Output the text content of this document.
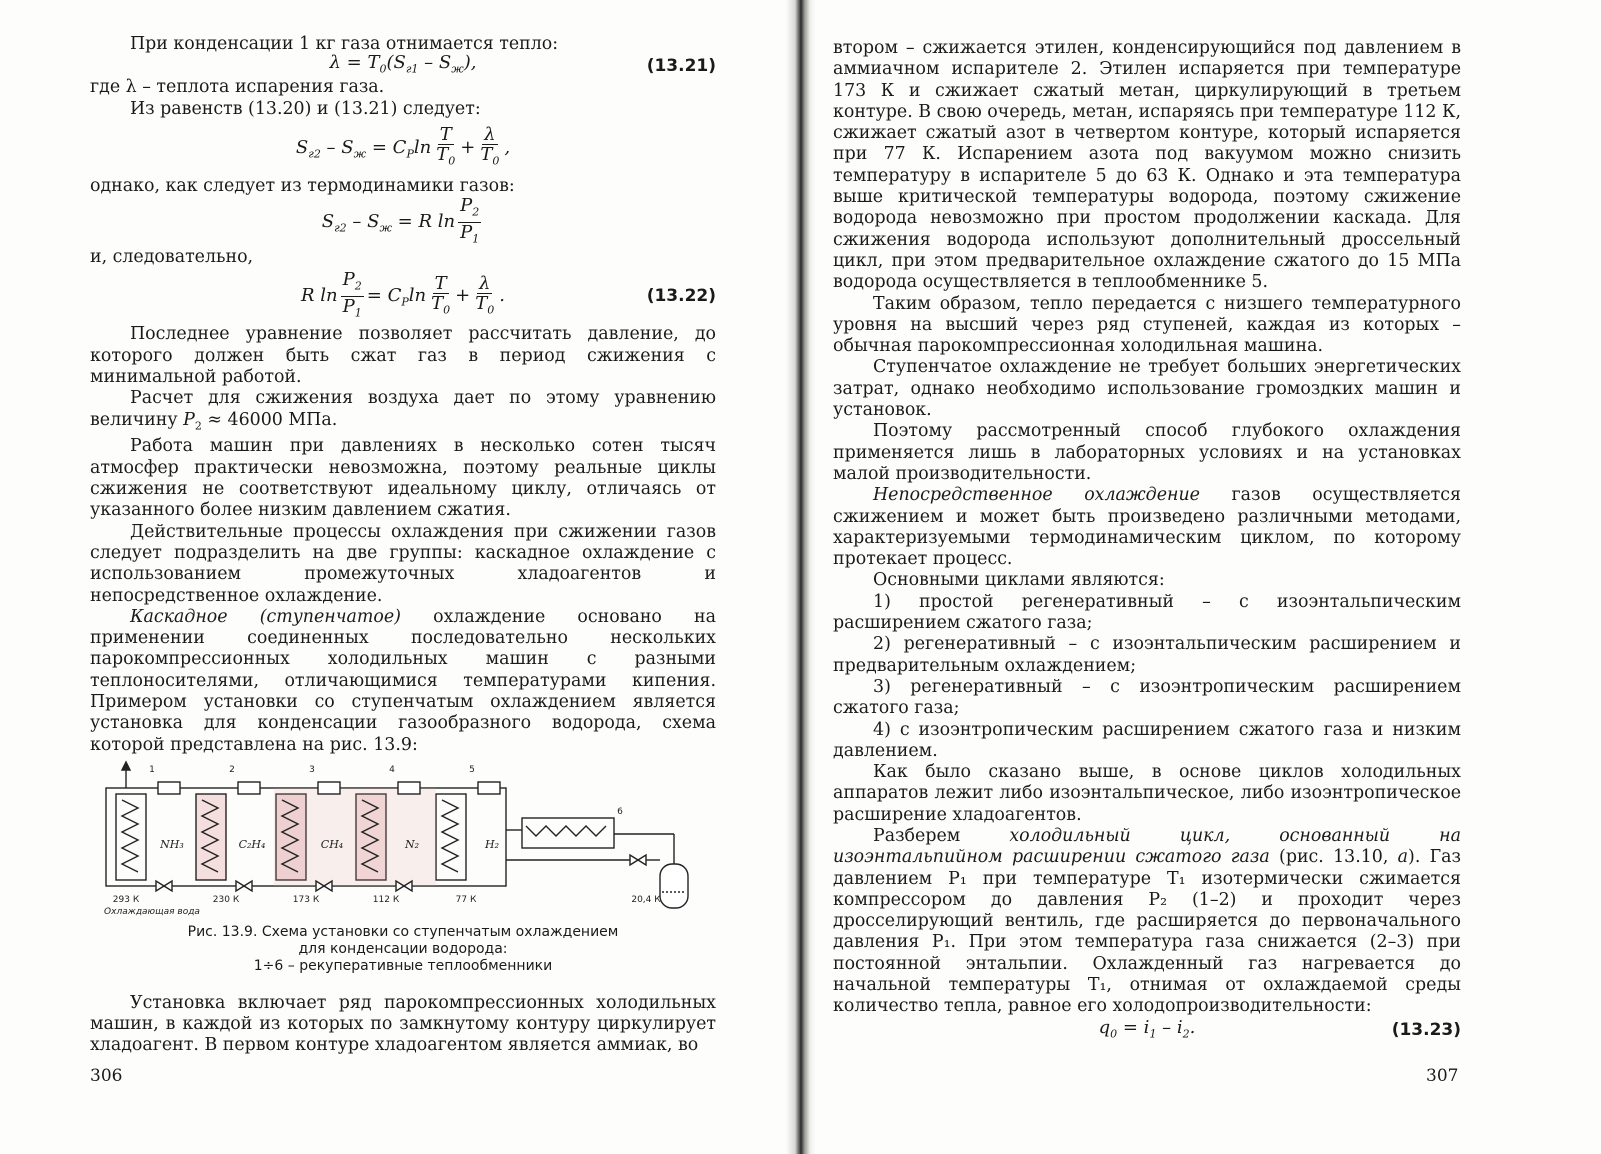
При конденсации 1 кг газа отнимается тепло:

$\lambda = T_0(S_{г1} - S_ж)$,	(13.21)

где λ – теплота испарения газа.

Из равенств (13.20) и (13.21) следует:

$S_{г2} - S_ж = C_P\ln \frac{T}{T_0} + \frac{\lambda}{T_0}$ ,

однако, как следует из термодинамики газов:

$S_{г2} - S_ж = R$ $\ln \frac{P_2}{P_1}$

и, следовательно,

R $\ln \frac{P_2}{P_1} = C_P\ln \frac{T}{T_0} + \frac{\lambda}{T_0}$ .	(13.22)

Последнее уравнение позволяет рассчитать давление, до которого должен быть сжат газ в период сжижения с минимальной работой.

Расчет для сжижения воздуха дает по этому уравнению величину $P_2 \approx 46000$ МПа.

Работа машин при давлениях в несколько сотен тысяч атмосфер практически невозможна, поэтому реальные циклы сжижения не соответствуют идеальному циклу, отличаясь от указанного более низким давлением сжатия.

Действительные процессы охлаждения при сжижении газов следует подразделить на две группы: каскадное охлаждение с использованием промежуточных хладоагентов и непосредственное охлаждение.

Каскадное (ступенчатое) охлаждение основано на применении соединенных последовательно нескольких парокомпрессионных холодильных машин с разными теплоносителями, отличающимися температурами кипения. Примером установки со ступенчатым охлаждением является установка для конденсации газообразного водорода, схема которой представлена на рис. 13.9:

NH₃	C₂H₄	CH₄	N₂	H₂
1	2	3	4	5
6
293 К	230 К	173 К	112 К	77 К	20,4 К
Охлаждающая вода
Рис. 13.9. Схема установки со ступенчатым охлаждением
для конденсации водорода:
1÷6 – рекуперативные теплообменники

Установка включает ряд парокомпрессионных холодильных машин, в каждой из которых по замкнутому контуру циркулирует хладоагент. В первом контуре хладоагентом является аммиак, во

306

втором – сжижается этилен, конденсирующийся под давлением в аммиачном испарителе 2. Этилен испаряется при температуре 173 К и сжижает сжатый метан, циркулирующий в третьем контуре. В свою очередь, метан, испаряясь при температуре 112 К, сжижает сжатый азот в четвертом контуре, который испаряется при 77 К. Испарением азота под вакуумом можно снизить температуру в испарителе 5 до 63 К. Однако и эта температура выше критической температуры водорода, поэтому сжижение водорода невозможно при простом продолжении каскада. Для сжижения водорода используют дополнительный дроссельный цикл, при этом предварительное охлаждение сжатого до 15 МПа водорода осуществляется в теплообменнике 5.

Таким образом, тепло передается с низшего температурного уровня на высший через ряд ступеней, каждая из которых – обычная парокомпрессионная холодильная машина.

Ступенчатое охлаждение не требует больших энергетических затрат, однако необходимо использование громоздких машин и установок.

Поэтому рассмотренный способ глубокого охлаждения применяется лишь в лабораторных условиях и на установках малой производительности.

Непосредственное охлаждение газов осуществляется сжижением и может быть произведено различными методами, характеризуемыми термодинамическим циклом, по которому протекает процесс.

Основными циклами являются:

1) простой регенеративный – с изоэнтальпическим расширением сжатого газа;

2) регенеративный – с изоэнтальпическим расширением и предварительным охлаждением;

3) регенеративный – с изоэнтропическим расширением сжатого газа;

4) с изоэнтропическим расширением сжатого газа и низким давлением.

Как было сказано выше, в основе циклов холодильных аппаратов лежит либо изоэнтальпическое, либо изоэнтропическое расширение хладоагентов.

Разберем холодильный цикл, основанный на изоэнтальпийном расширении сжатого газа (рис. 13.10, а). Газ давлением P₁ при температуре T₁ изотермически сжимается компрессором до давления P₂ (1–2) и проходит через дросселирующий вентиль, где расширяется до первоначального давления P₁. При этом температура газа снижается (2–3) при постоянной энтальпии. Охлажденный газ нагревается до начальной температуры T₁, отнимая от охлаждаемой среды количество тепла, равное его холодопроизводительности:

$q_0 = i_1 - i_2$.	(13.23)
307
